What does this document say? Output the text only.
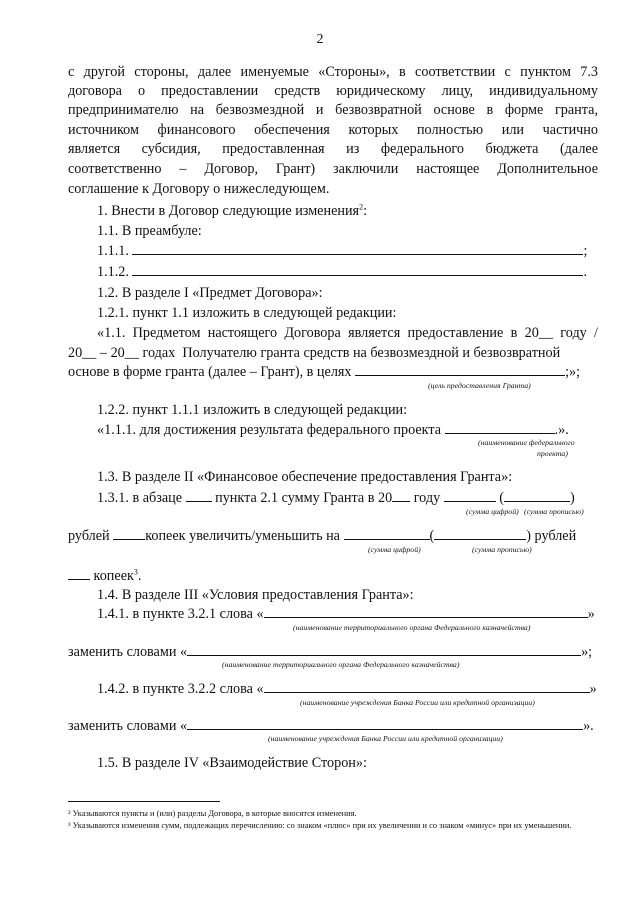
2
с другой стороны, далее именуемые «Стороны», в соответствии с пунктом 7.3
договора о предоставлении средств юридическому лицу, индивидуальному
предпринимателю на безвозмездной и безвозвратной основе в форме гранта,
источником финансового обеспечения которых полностью или частично
является субсидия, предоставленная из федерального бюджета (далее
соответственно – Договор, Грант) заключили настоящее Дополнительное
соглашение к Договору о нижеследующем.
1. Внести в Договор следующие изменения$^2$:
1.1. В преамбуле:
1.1.1.	;
1.1.2.	.
1.2. В разделе I «Предмет Договора»:
1.2.1. пункт 1.1 изложить в следующей редакции:
«1.1. Предметом настоящего Договора является предоставление в 20__ году /
20__ – 20__ годах Получателю гранта средств на безвозмездной и безвозвратной
основе в форме гранта (далее – Грант), в целях	;»;
(цель предоставления Гранта)
1.2.2. пункт 1.1.1 изложить в следующей редакции:
«1.1.1. для достижения результата федерального проекта	.».
(наименование федерального
проекта)
1.3. В разделе II «Финансовое обеспечение предоставления Гранта»:
1.3.1. в абзаце пункта 2.1 сумму Гранта в 20 году	(	)
(сумма цифрой) (сумма прописью)
рублей	копеек увеличить/уменьшить на	(	) рублей
(сумма цифрой)	(сумма прописью)
копеек$^3$.
1.4. В разделе III «Условия предоставления Гранта»:
1.4.1. в пункте 3.2.1 слова «	»
(наименование территориального органа Федерального казначейства)
заменить словами «	»;
(наименование территориального органа Федерального казначейства)
1.4.2. в пункте 3.2.2 слова «	»
(наименование учреждения Банка России или кредитной организации)
заменить словами «	».
(наименование учреждения Банка России или кредитной организации)
1.5. В разделе IV «Взаимодействие Сторон»:
² Указываются пункты и (или) разделы Договора, в которые вносятся изменения.
³ Указываются изменения сумм, подлежащих перечислению: со знаком «плюс» при их увеличении и со знаком «минус» при их уменьшении.
